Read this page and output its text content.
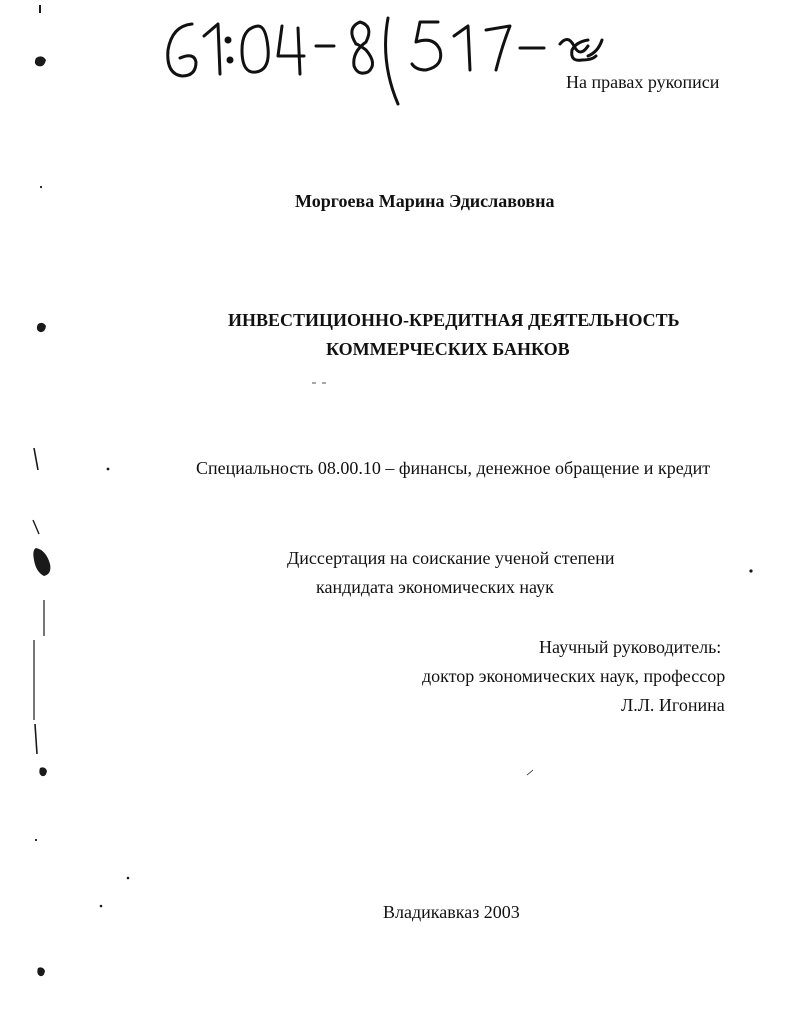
На правах рукописи
Моргоева Марина Эдиславовна
ИНВЕСТИЦИОННО-КРЕДИТНАЯ ДЕЯТЕЛЬНОСТЬ
КОММЕРЧЕСКИХ БАНКОВ
Специальность 08.00.10 – финансы, денежное обращение и кредит
Диссертация на соискание ученой степени
кандидата экономических наук
Научный руководитель:
доктор экономических наук, профессор
Л.Л. Игонина
Владикавказ 2003
